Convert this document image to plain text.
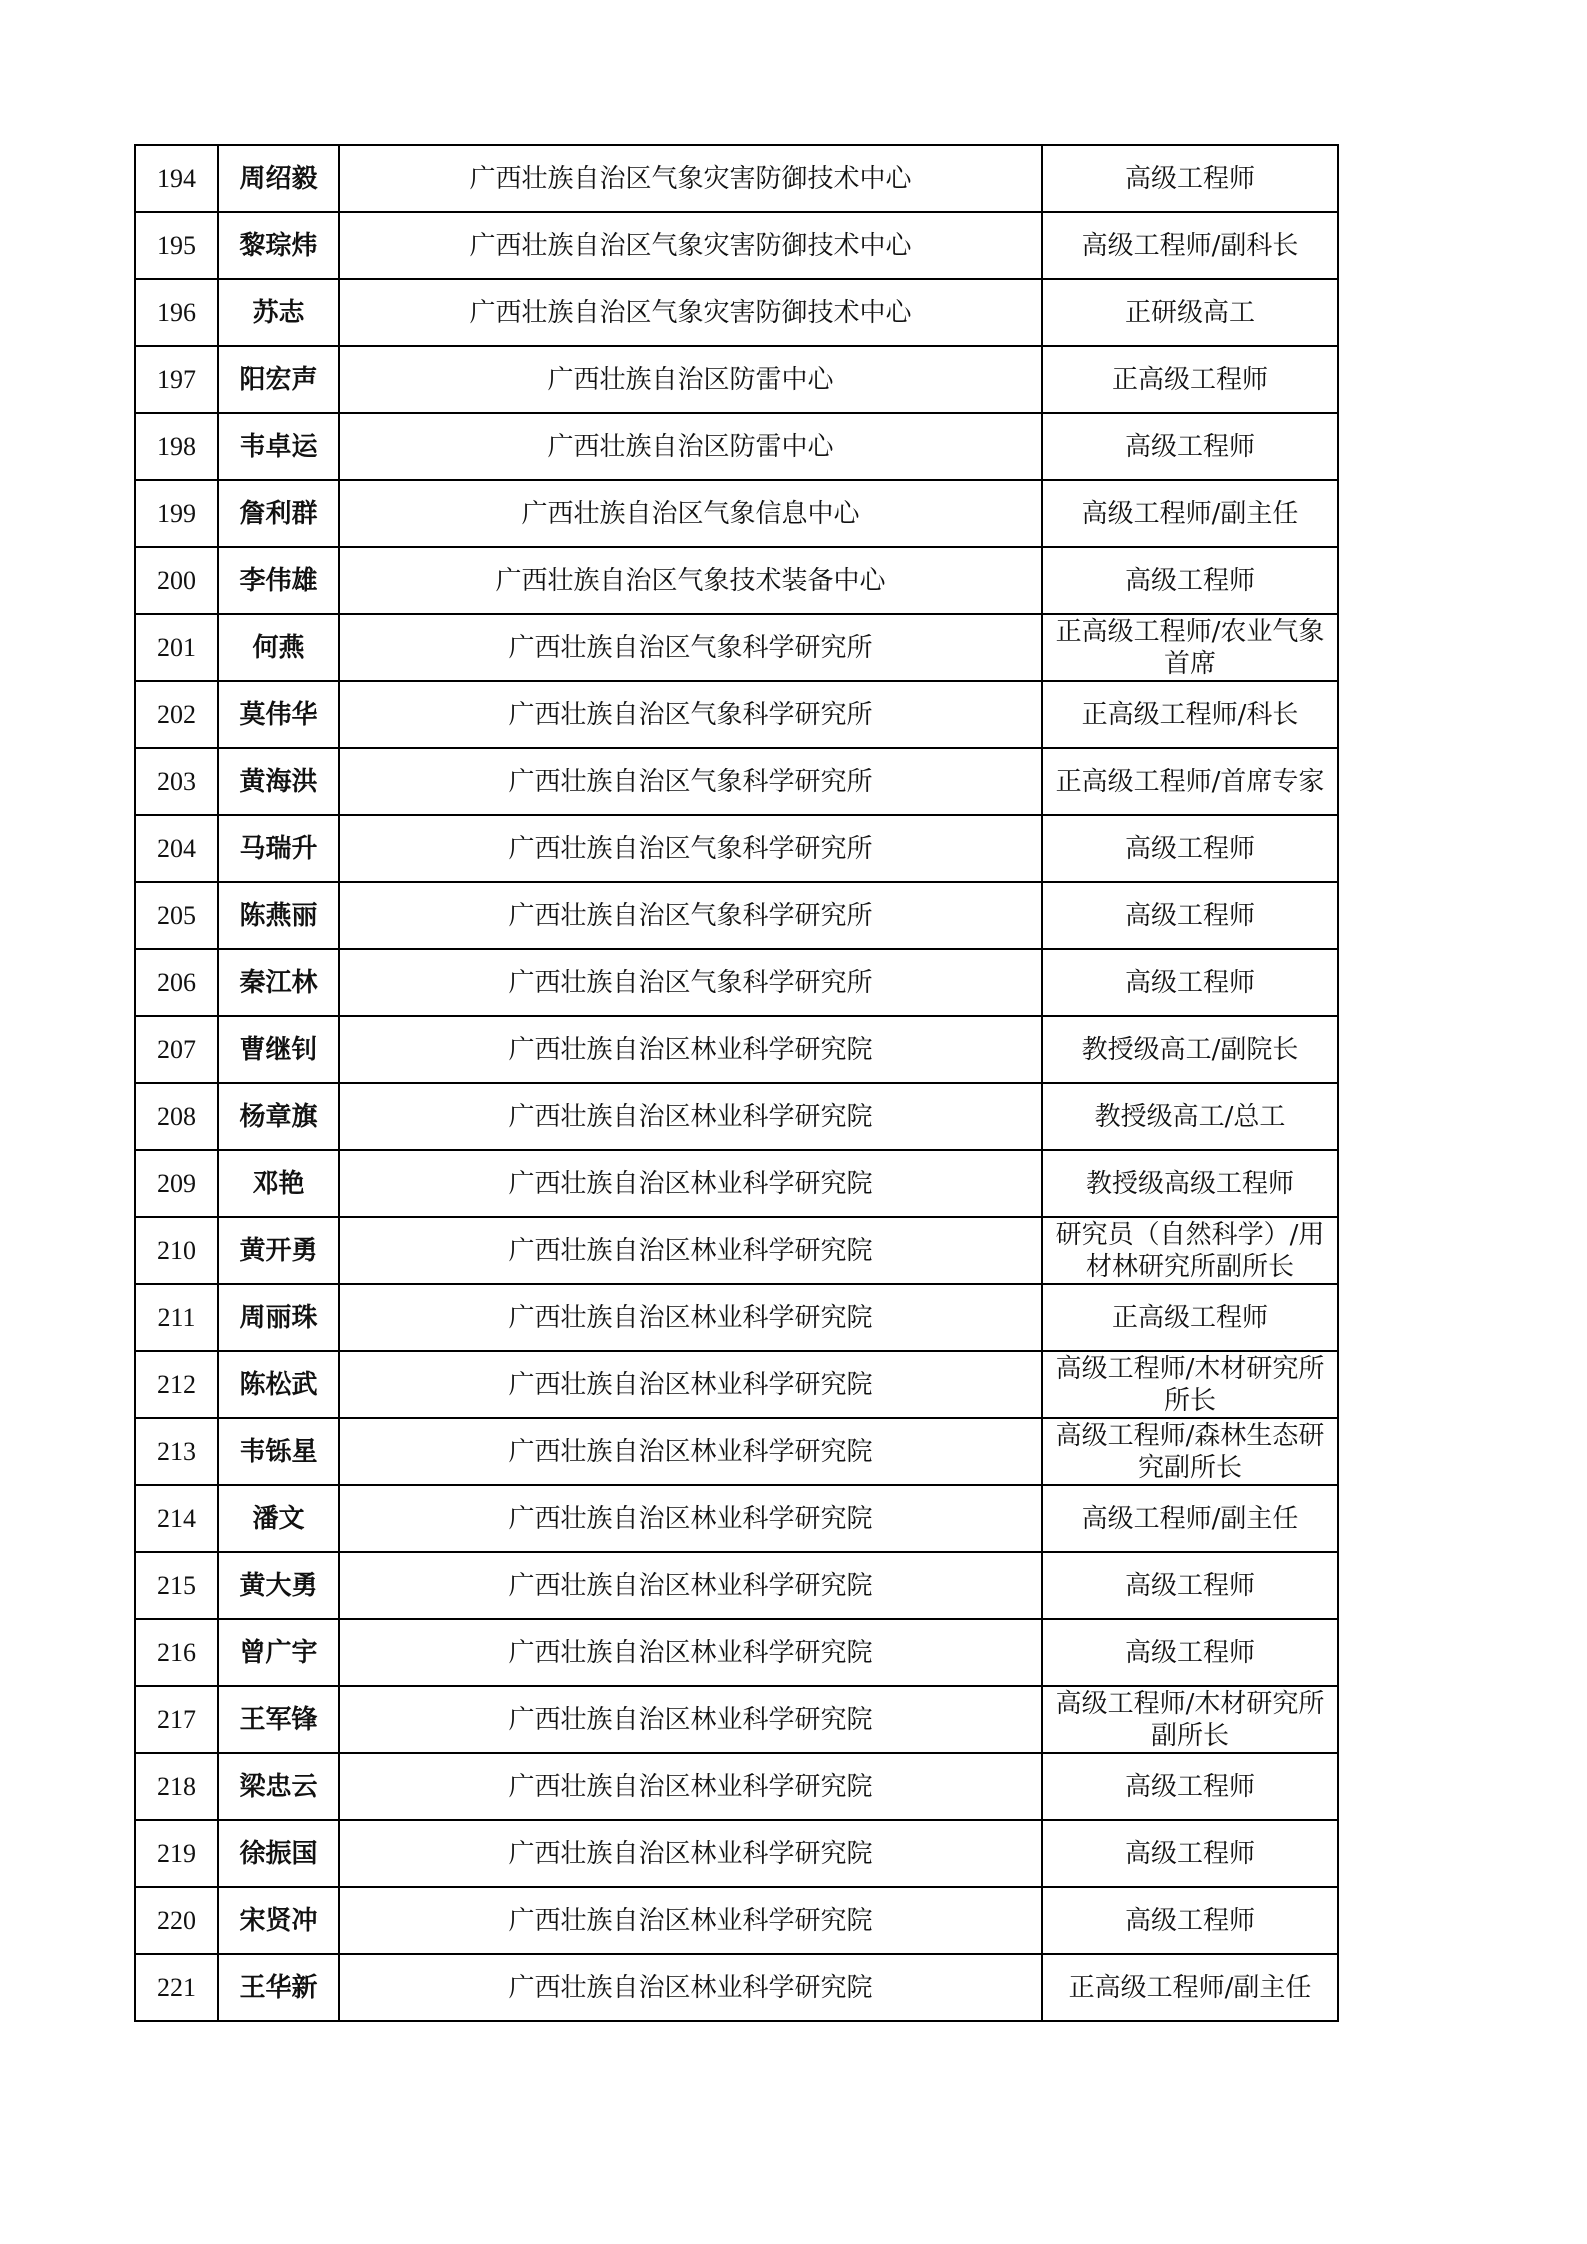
194	周绍毅	广西壮族自治区气象灾害防御技术中心	高级工程师
195	黎琮炜	广西壮族自治区气象灾害防御技术中心	高级工程师/副科长
196	苏志	广西壮族自治区气象灾害防御技术中心	正研级高工
197	阳宏声	广西壮族自治区防雷中心	正高级工程师
198	韦卓运	广西壮族自治区防雷中心	高级工程师
199	詹利群	广西壮族自治区气象信息中心	高级工程师/副主任
200	李伟雄	广西壮族自治区气象技术装备中心	高级工程师
201	何燕	广西壮族自治区气象科学研究所	正高级工程师/农业气象首席
202	莫伟华	广西壮族自治区气象科学研究所	正高级工程师/科长
203	黄海洪	广西壮族自治区气象科学研究所	正高级工程师/首席专家
204	马瑞升	广西壮族自治区气象科学研究所	高级工程师
205	陈燕丽	广西壮族自治区气象科学研究所	高级工程师
206	秦江林	广西壮族自治区气象科学研究所	高级工程师
207	曹继钊	广西壮族自治区林业科学研究院	教授级高工/副院长
208	杨章旗	广西壮族自治区林业科学研究院	教授级高工/总工
209	邓艳	广西壮族自治区林业科学研究院	教授级高级工程师
210	黄开勇	广西壮族自治区林业科学研究院	研究员（自然科学）/用材林研究所副所长
211	周丽珠	广西壮族自治区林业科学研究院	正高级工程师
212	陈松武	广西壮族自治区林业科学研究院	高级工程师/木材研究所所长
213	韦铄星	广西壮族自治区林业科学研究院	高级工程师/森林生态研究副所长
214	潘文	广西壮族自治区林业科学研究院	高级工程师/副主任
215	黄大勇	广西壮族自治区林业科学研究院	高级工程师
216	曾广宇	广西壮族自治区林业科学研究院	高级工程师
217	王军锋	广西壮族自治区林业科学研究院	高级工程师/木材研究所副所长
218	梁忠云	广西壮族自治区林业科学研究院	高级工程师
219	徐振国	广西壮族自治区林业科学研究院	高级工程师
220	宋贤冲	广西壮族自治区林业科学研究院	高级工程师
221	王华新	广西壮族自治区林业科学研究院	正高级工程师/副主任
